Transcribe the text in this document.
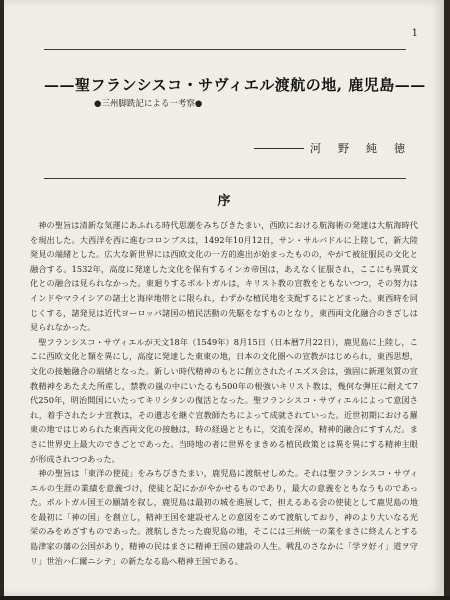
1
——聖フランシスコ・サヴィエル渡航の地, 鹿児島——
●三州脚跣記による一考察●
河　野　純　徳
序

神の聖旨は清新な気運にあふれる時代思潮をみちびきたまい，西欧における航海術の発達は大航海時代を現出した。大西洋を西に進むコロンブスは，1492年10月12日，サン・サルバドルに上陸して，新大陸発見の端緒とした。広大な新世界には西欧文化の一方的進出が始まったものの，やがて被征服民の文化と融合する。1532年，高度に発達した文化を保有するインカ帝国は，あえなく征服され，ここにも異質文化との融合は見られなかった。東廻りするポルトガルは，キリスト教の宣教をともないつつ，その努力はインドやマライシアの諸土と海岸地帯とに限られ，わずかな植民地を支配するにとどまった。東西時を同じくする，諸発見は近代ヨーロッパ諸国の植民活動の先駆をなすものとなり，東西両文化融合のきざしは見られなかった。

聖フランシスコ・サヴィエルが天文18年（1549年）8月15日（日本暦7月22日），鹿児島に上陸し，ここに西欧文化と類を異にし，高度に発達した東東の地，日本の文化圏への宣教がはじめられ，東西思想，文化の接触融合の端緒となった。新しい時代精神のもとに創立されたイエズス会は，強固に新運気質の宣教精神をあたえた所産し，禁教の嵐の中にいたるも500年の根強いキリスト教は，幾何な弾圧に耐えて7代250年，明治開国にいたってキリシタンの復活となった。聖フランシスコ・サヴィエルによって意図され，着手されたシナ宣教は，その遺志を継ぐ宣教師たちによって成就されていった。近世初期における羅東の地ではじめられた東西両文化の接触は，時の経過とともに，交流を深め，精神的融合にすすんだ。まさに世界史上最大のできごとであった。当時地の者に世界をまきめる植民政策とは異を異にする精神主眼が形成されつつあった。

神の聖旨は「東洋の使徒」をみちびきたまい，鹿児島に渡航せしめた。それは聖フランシスコ・サヴィエルの生涯の業績を意義づけ，使徒と記にかがやかせるものであり，最大の意義をともなうものであった。ポルトガル国王の願請を叙し，鹿児島は最初の城を進展して，担えるある会の使徒として鹿児島の地を最初に「神の国」を創立し，精神王国を建設せんとの意図をこめて渡航しており，神のより大いなる光栄のみをめざすものであった。渡航しきたった鹿児島の地，そこには三州統一の業をまさに終えんとする島津家の藩の公国があり，精神の民はまさに精神王国の建設の人生。戦乱のさなかに「学ヲ好イ」道ヲ守リ」世治ハ仁爾ニシテ」の新たなる島へ精神王国である。
